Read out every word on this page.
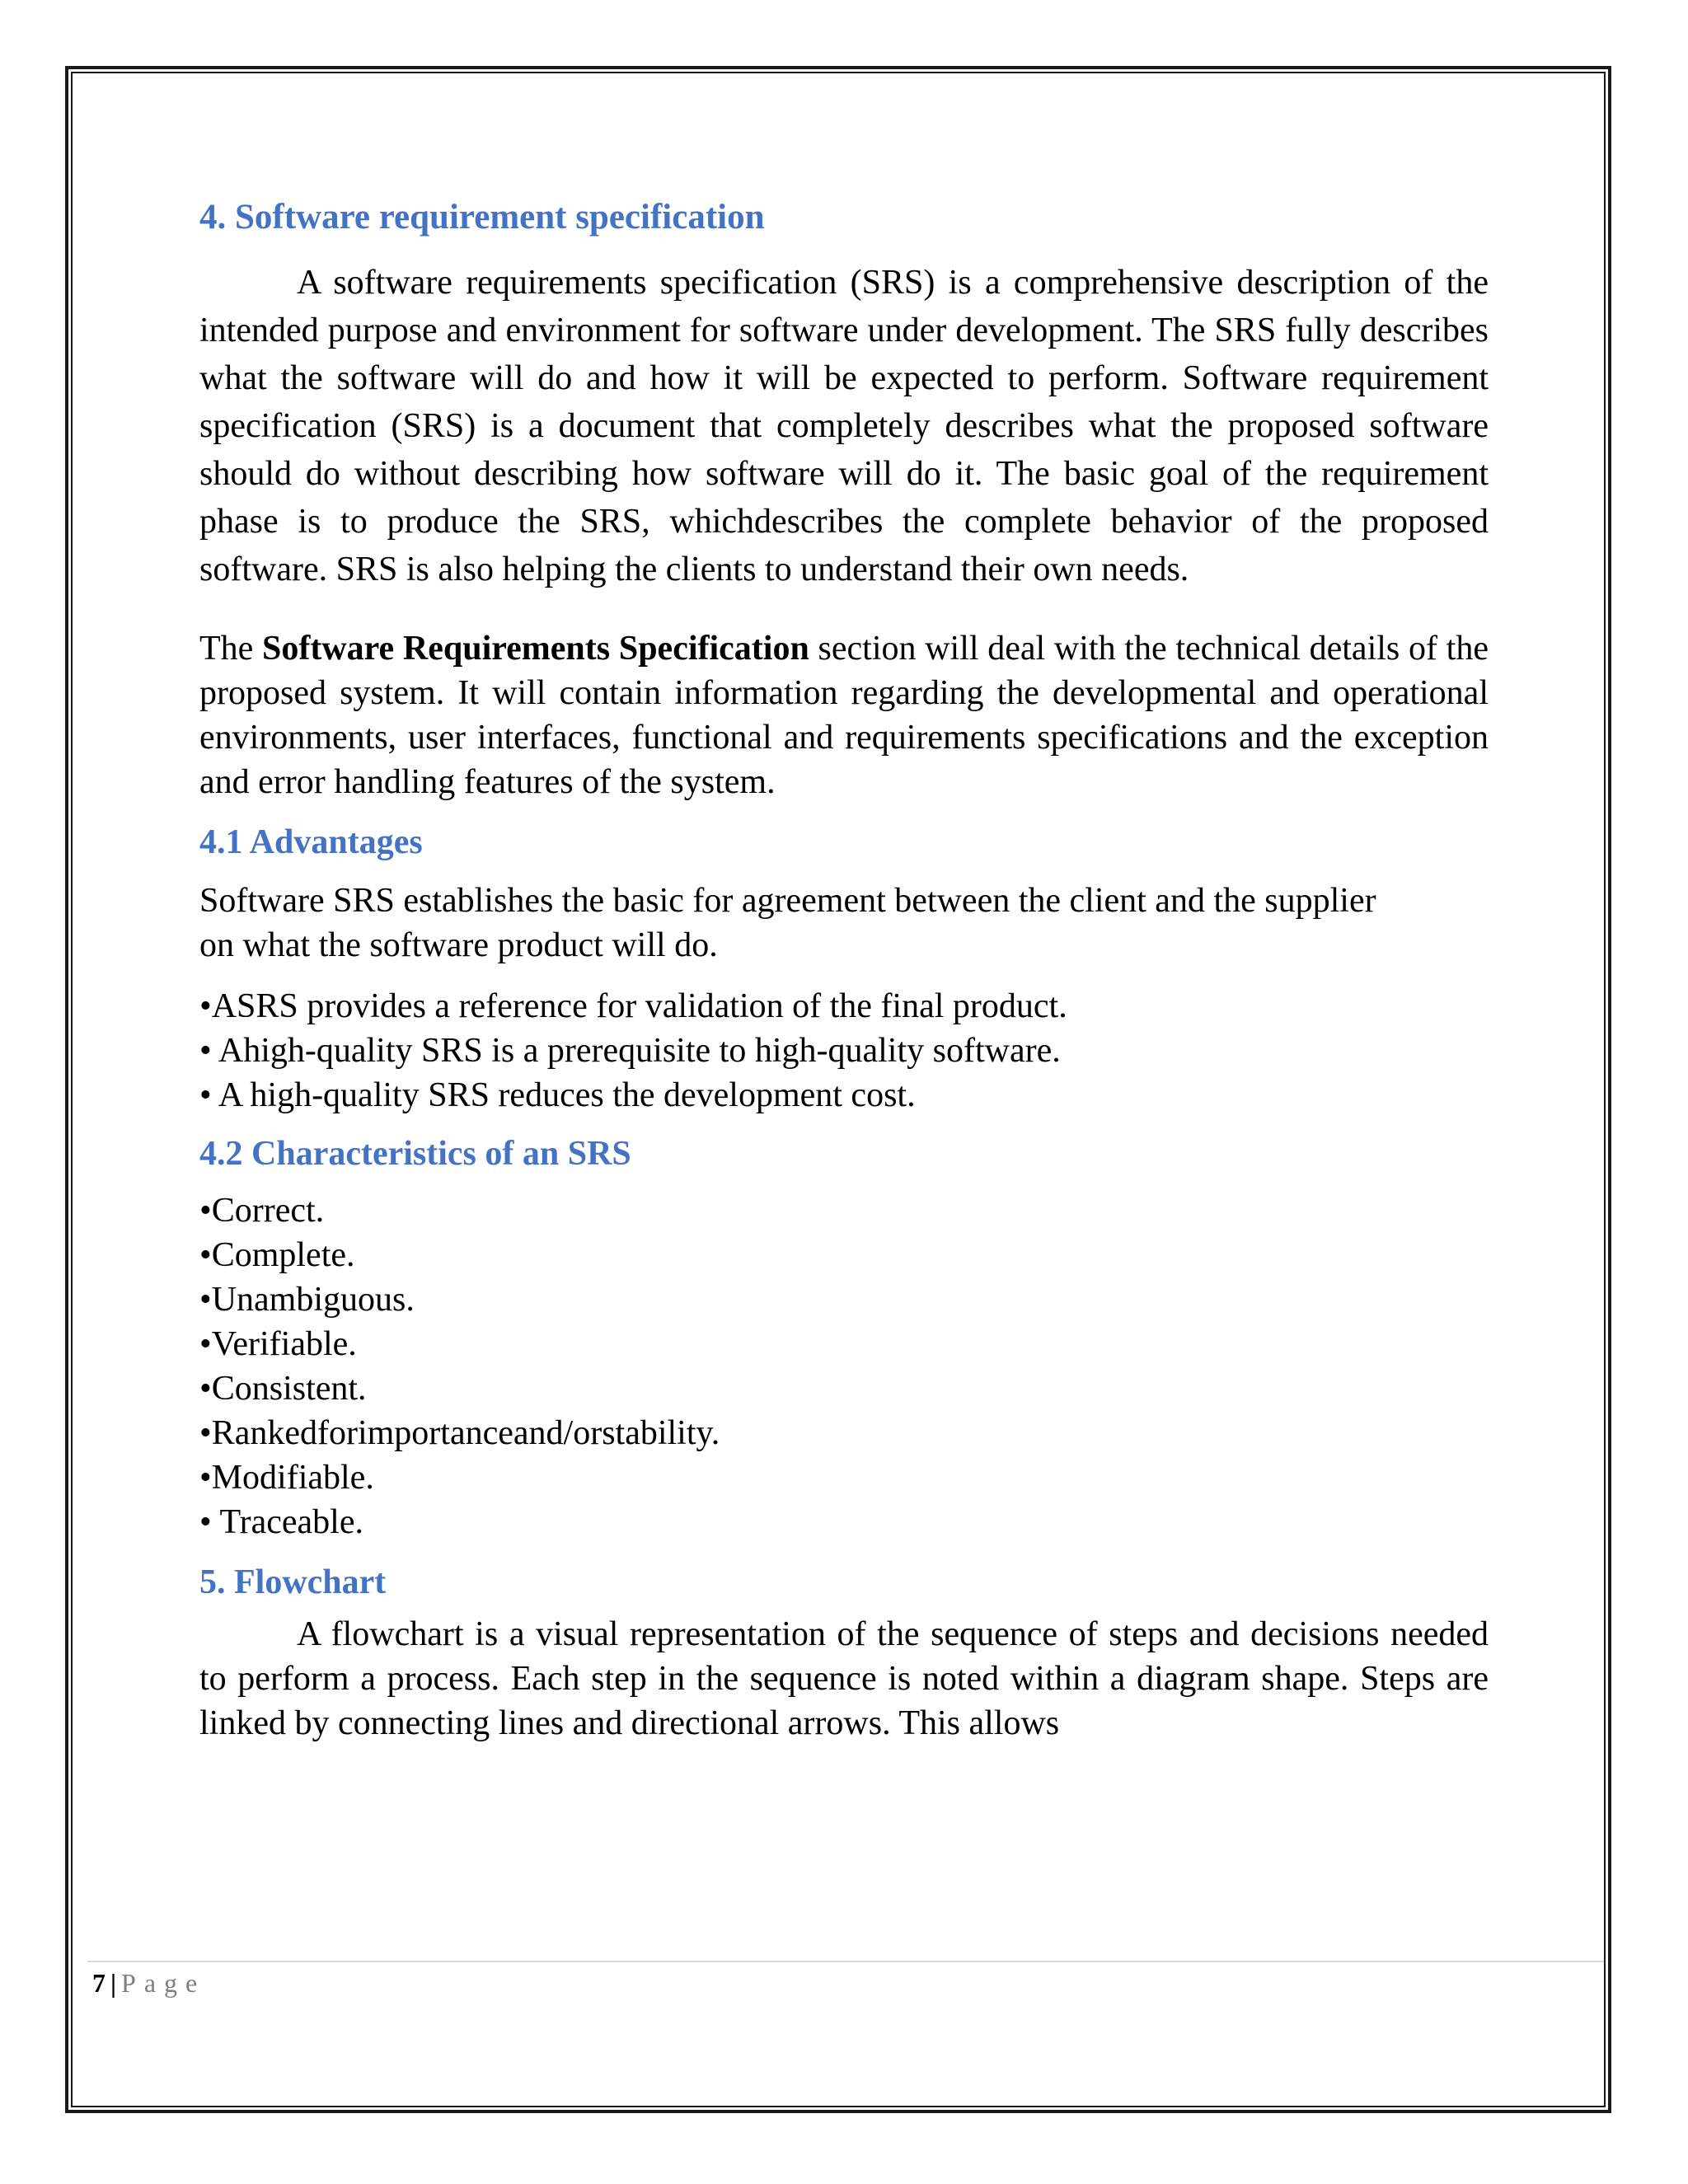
4. Software requirement specification

A software requirements specification (SRS) is a comprehensive description of the intended purpose and environment for software under development. The SRS fully describes what the software will do and how it will be expected to perform. Software requirement specification (SRS) is a document that completely describes what the proposed software should do without describing how software will do it. The basic goal of the requirement phase is to produce the SRS, whichdescribes the complete behavior of the proposed software. SRS is also helping the clients to understand their own needs.

The Software Requirements Specification section will deal with the technical details of the proposed system. It will contain information regarding the developmental and operational environments, user interfaces, functional and requirements specifications and the exception and error handling features of the system.

4.1 Advantages

Software SRS establishes the basic for agreement between the client and the supplier on what the software product will do.

•ASRS provides a reference for validation of the final product.
• Ahigh-quality SRS is a prerequisite to high-quality software.
• A high-quality SRS reduces the development cost.
4.2 Characteristics of an SRS
•Correct.
•Complete.
•Unambiguous.
•Verifiable.
•Consistent.
•Rankedforimportanceand/orstability.
•Modifiable.
• Traceable.
5. Flowchart

A flowchart is a visual representation of the sequence of steps and decisions needed to perform a process. Each step in the sequence is noted within a diagram shape. Steps are linked by connecting lines and directional arrows. This allows

7 | Page
